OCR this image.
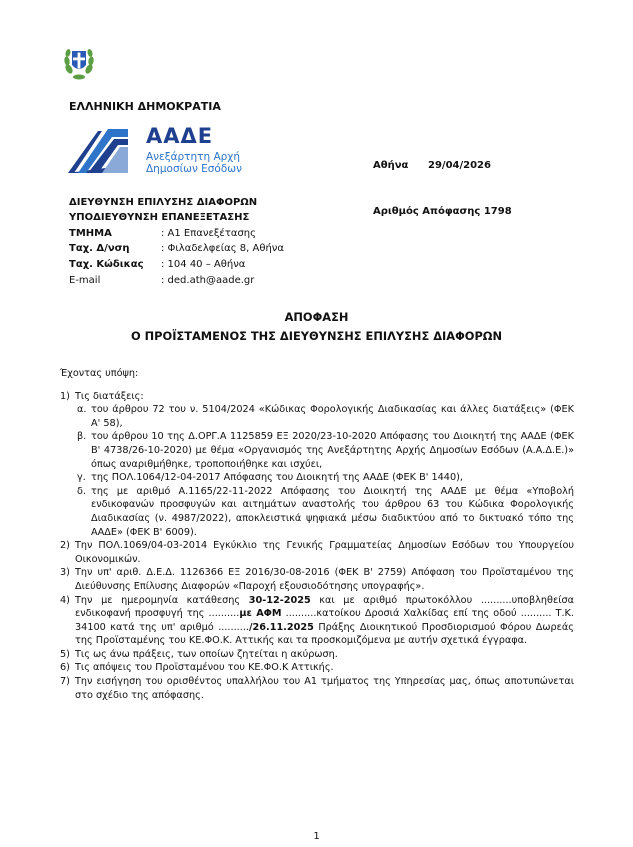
ΕΛΛΗΝΙΚΗ ΔΗΜΟΚΡΑΤΙΑ
ΑΑΔΕ
Ανεξάρτητη Αρχή
Δημοσίων Εσόδων	Αθήνα 29/04/2026
ΔΙΕΥΘΥΝΣΗ ΕΠΙΛΥΣΗΣ ΔΙΑΦΟΡΩΝ
ΥΠΟΔΙΕΥΘΥΝΣΗ ΕΠΑΝΕΞΕΤΑΣΗΣ
Αριθμός Απόφασης 1798
ΤΜΗΜΑ	: Α1 Επανεξέτασης
Ταχ. Δ/νση	: Φιλαδελφείας 8, Αθήνα
Ταχ. Κώδικας : 104 40 – Αθήνα
E-mail	: ded.ath@aade.gr
ΑΠΟΦΑΣΗ
Ο ΠΡΟΪΣΤΑΜΕΝΟΣ ΤΗΣ ΔΙΕΥΘΥΝΣΗΣ ΕΠΙΛΥΣΗΣ ΔΙΑΦΟΡΩΝ

Έχοντας υπόψη:

1) Τις διατάξεις:
α. του άρθρου 72 του ν. 5104/2024 «Κώδικας Φορολογικής Διαδικασίας και άλλες διατάξεις» (ΦΕΚ Α' 58),
β. του άρθρου 10 της Δ.ΟΡΓ.Α 1125859 ΕΞ 2020/23-10-2020 Απόφασης του Διοικητή της ΑΑΔΕ (ΦΕΚ Β' 4738/26-10-2020) με θέμα «Οργανισμός της Ανεξάρτητης Αρχής Δημοσίων Εσόδων (Α.Α.Δ.Ε.)» όπως αναριθμήθηκε, τροποποιήθηκε και ισχύει,
γ. της ΠΟΛ.1064/12-04-2017 Απόφασης του Διοικητή της ΑΑΔΕ (ΦΕΚ Β' 1440),
δ. της με αριθμό Α.1165/22-11-2022 Απόφασης του Διοικητή της ΑΑΔΕ με θέμα «Υποβολή ενδικοφανών προσφυγών και αιτημάτων αναστολής του άρθρου 63 του Κώδικα Φορολογικής Διαδικασίας (ν. 4987/2022), αποκλειστικά ψηφιακά μέσω διαδικτύου από το δικτυακό τόπο της ΑΑΔΕ» (ΦΕΚ Β' 6009).
2) Την ΠΟΛ.1069/04-03-2014 Εγκύκλιο της Γενικής Γραμματείας Δημοσίων Εσόδων του Υπουργείου Οικονομικών.
3) Την υπ' αριθ. Δ.Ε.Δ. 1126366 ΕΞ 2016/30-08-2016 (ΦΕΚ Β' 2759) Απόφαση του Προϊσταμένου της Διεύθυνσης Επίλυσης Διαφορών «Παροχή εξουσιοδότησης υπογραφής».
4) Την με ημερομηνία κατάθεσης 30-12-2025 και με αριθμό πρωτοκόλλου ..........υποβληθείσα ενδικοφανή προσφυγή της ..........με ΑΦΜ ..........κατοίκου Δροσιά Χαλκίδας επί της οδού .......... Τ.Κ. 34100 κατά της υπ' αριθμό ........../26.11.2025 Πράξης Διοικητικού Προσδιορισμού Φόρου Δωρεάς της Προϊσταμένης του ΚΕ.ΦΟ.Κ. Αττικής και τα προσκομιζόμενα με αυτήν σχετικά έγγραφα.
5) Τις ως άνω πράξεις, των οποίων ζητείται η ακύρωση.
6) Τις απόψεις του Προϊσταμένου του ΚΕ.ΦΟ.Κ Αττικής.
7) Την εισήγηση του ορισθέντος υπαλλήλου του Α1 τμήματος της Υπηρεσίας μας, όπως αποτυπώνεται στο σχέδιο της απόφασης.
1
